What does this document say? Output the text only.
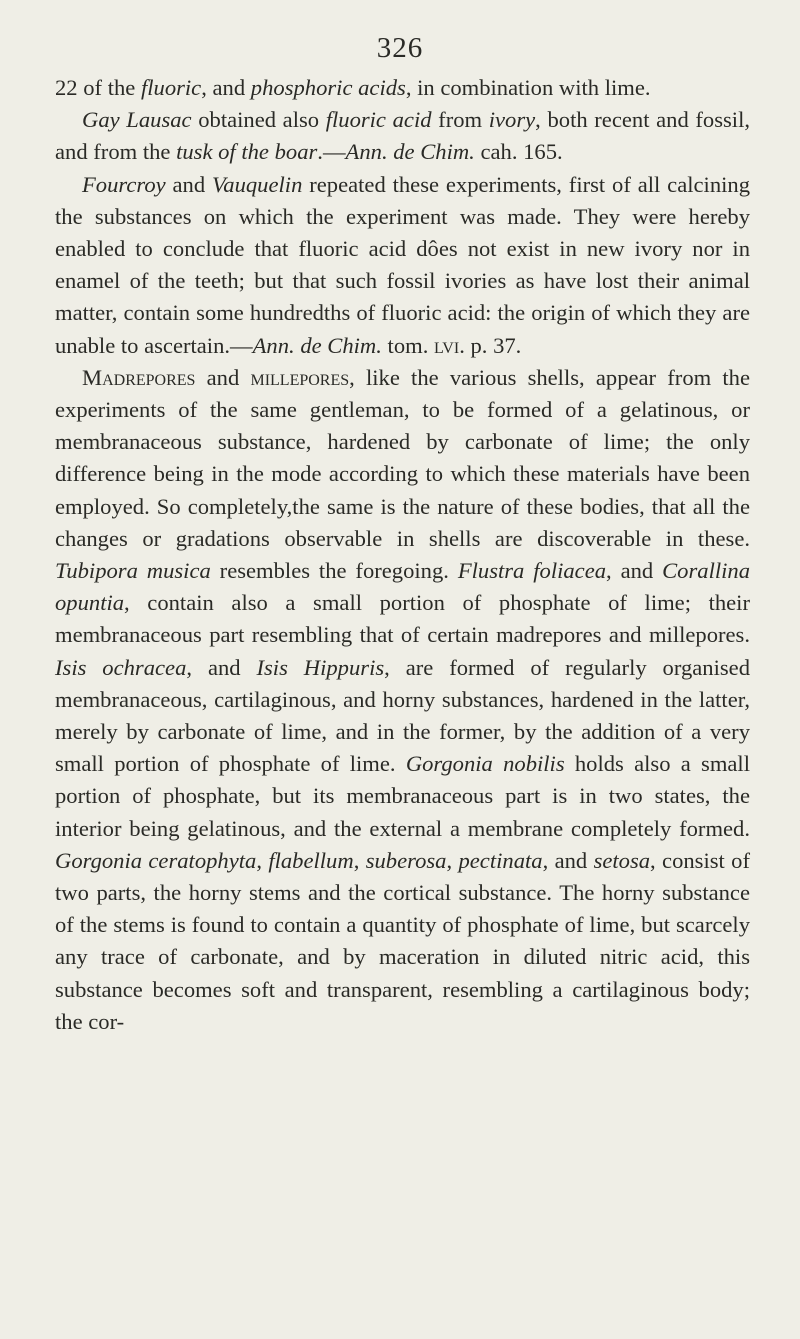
326

22 of the fluoric, and phosphoric acids, in combination with lime.

Gay Lausac obtained also fluoric acid from ivory, both recent and fossil, and from the tusk of the boar.—Ann. de Chim. cah. 165.

Fourcroy and Vauquelin repeated these experiments, first of all calcining the substances on which the experiment was made. They were hereby enabled to conclude that fluoric acid dôes not exist in new ivory nor in enamel of the teeth; but that such fossil ivories as have lost their animal matter, contain some hundredths of fluoric acid: the origin of which they are unable to ascertain.—Ann. de Chim. tom. lvi. p. 37.

Madrepores and millepores, like the various shells, appear from the experiments of the same gentleman, to be formed of a gelatinous, or membranaceous substance, hardened by carbonate of lime; the only difference being in the mode according to which these materials have been employed. So completely,the same is the nature of these bodies, that all the changes or gradations observable in shells are discoverable in these. Tubipora musica resembles the foregoing. Flustra foliacea, and Corallina opuntia, contain also a small portion of phosphate of lime; their membranaceous part resembling that of certain madrepores and millepores. Isis ochracea, and Isis Hippuris, are formed of regularly organised membranaceous, cartilaginous, and horny substances, hardened in the latter, merely by carbonate of lime, and in the former, by the addition of a very small portion of phosphate of lime. Gorgonia nobilis holds also a small portion of phosphate, but its membranaceous part is in two states, the interior being gelatinous, and the external a membrane completely formed. Gorgonia ceratophyta, flabellum, suberosa, pectinata, and setosa, consist of two parts, the horny stems and the cortical substance. The horny substance of the stems is found to contain a quantity of phosphate of lime, but scarcely any trace of carbonate, and by maceration in diluted nitric acid, this substance becomes soft and transparent, resembling a cartilaginous body; the cor-
